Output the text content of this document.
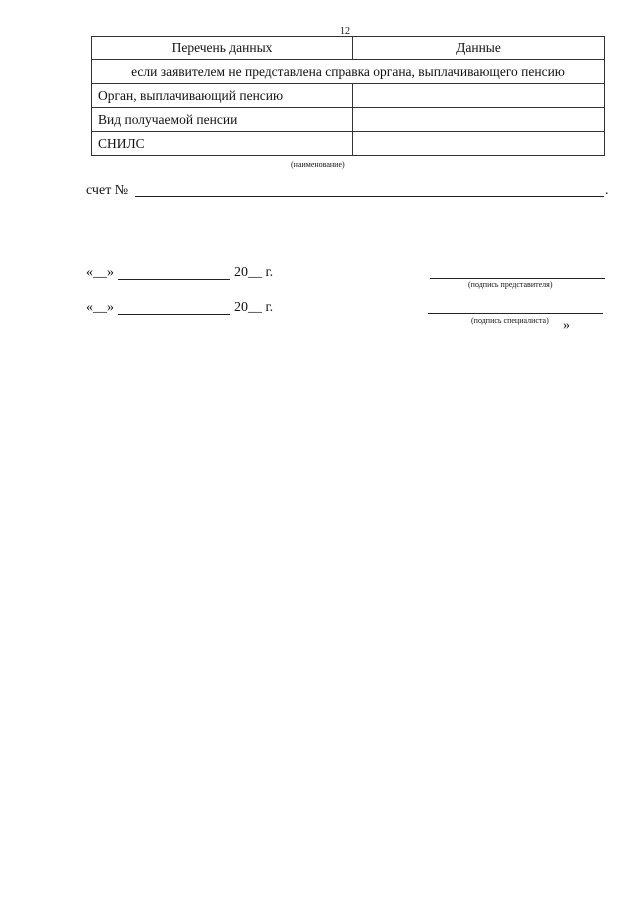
12
Перечень данных	Данные
если заявителем не представлена справка органа, выплачивающего пенсию	
Орган, выплачивающий пенсию	
Вид получаемой пенсии	
СНИЛС	
(наименование)
счет №	.
«__»	20__ г.
(подпись представителя)
«__»	20__ г.
(подпись специалиста) »
